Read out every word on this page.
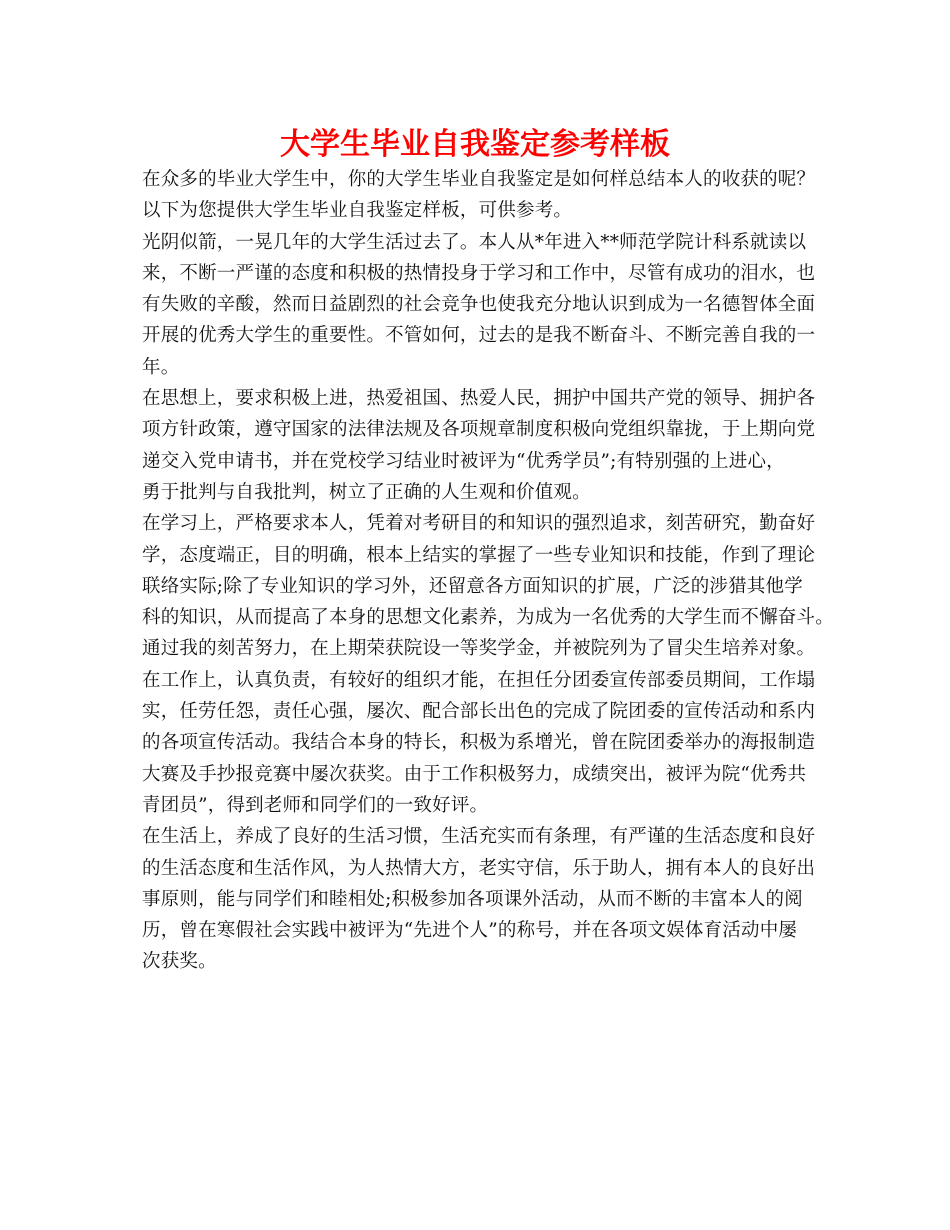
大学生毕业自我鉴定参考样板
在众多的毕业大学生中，你的大学生毕业自我鉴定是如何样总结本人的收获的呢？
以下为您提供大学生毕业自我鉴定样板，可供参考。
光阴似箭，一晃几年的大学生活过去了。本人从*年进入**师范学院计科系就读以
来，不断一严谨的态度和积极的热情投身于学习和工作中，尽管有成功的泪水，也
有失败的辛酸，然而日益剧烈的社会竞争也使我充分地认识到成为一名德智体全面
开展的优秀大学生的重要性。不管如何，过去的是我不断奋斗、不断完善自我的一
年。
在思想上，要求积极上进，热爱祖国、热爱人民，拥护中国共产党的领导、拥护各
项方针政策，遵守国家的法律法规及各项规章制度积极向党组织靠拢，于上期向党
递交入党申请书，并在党校学习结业时被评为“优秀学员”;有特别强的上进心，
勇于批判与自我批判，树立了正确的人生观和价值观。
在学习上，严格要求本人，凭着对考研目的和知识的强烈追求，刻苦研究，勤奋好
学，态度端正，目的明确，根本上结实的掌握了一些专业知识和技能，作到了理论
联络实际;除了专业知识的学习外，还留意各方面知识的扩展，广泛的涉猎其他学
科的知识，从而提高了本身的思想文化素养，为成为一名优秀的大学生而不懈奋斗。
通过我的刻苦努力，在上期荣获院设一等奖学金，并被院列为了冒尖生培养对象。
在工作上，认真负责，有较好的组织才能，在担任分团委宣传部委员期间，工作塌
实，任劳任怨，责任心强，屡次、配合部长出色的完成了院团委的宣传活动和系内
的各项宣传活动。我结合本身的特长，积极为系增光，曾在院团委举办的海报制造
大赛及手抄报竞赛中屡次获奖。由于工作积极努力，成绩突出，被评为院“优秀共
青团员”，得到老师和同学们的一致好评。
在生活上，养成了良好的生活习惯，生活充实而有条理，有严谨的生活态度和良好
的生活态度和生活作风，为人热情大方，老实守信，乐于助人，拥有本人的良好出
事原则，能与同学们和睦相处;积极参加各项课外活动，从而不断的丰富本人的阅
历，曾在寒假社会实践中被评为“先进个人”的称号，并在各项文娱体育活动中屡
次获奖。
